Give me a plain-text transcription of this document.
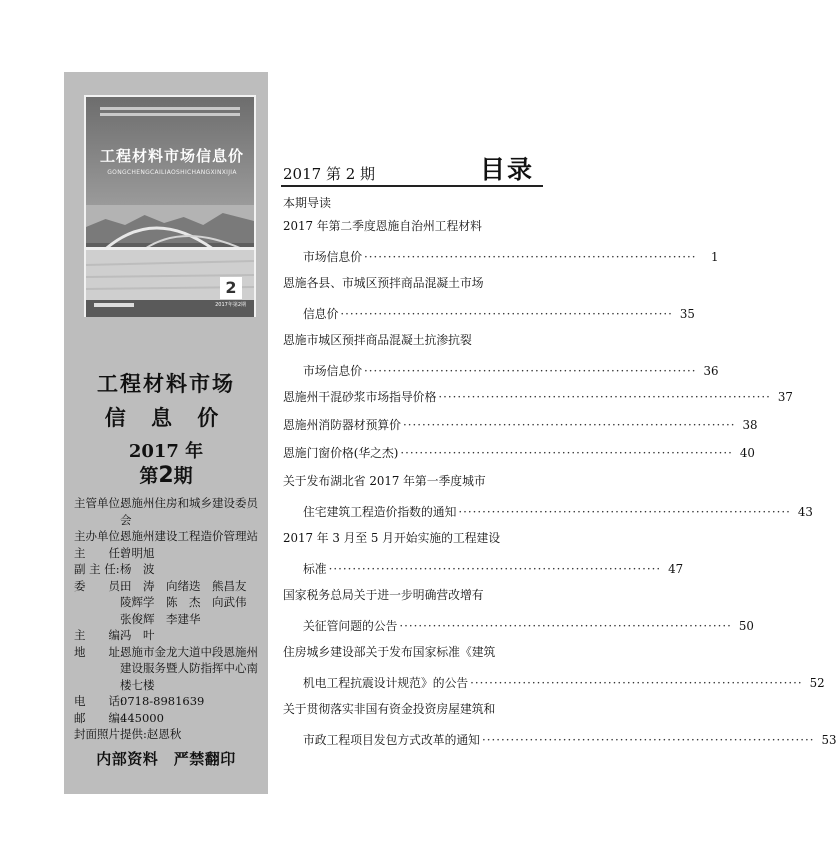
工程材料市场信息价
GONGCHENGCAILIAOSHICHANGXINXIJIA
2
2017年第2期
工程材料市场
信 息 价
2017 年
第2期
主管单位:
恩施州住房和城乡建设委员会
主办单位:
恩施州建设工程造价管理站
主　　任:
曾明旭
副 主 任: 杨　波
委　　员:
田　涛　向绪迭　熊昌友
陵辉学　陈　杰　向武伟
张俊辉　李建华
主　　编:
冯　叶
地　　址:
恩施市金龙大道中段恩施州
建设服务暨人防指挥中心南
楼七楼
电　　话:
0718-8981639
邮　　编:
445000
封面照片提供: 赵恩秋
内部资料　严禁翻印
2017 第 2 期	目录
本期导读
2017 年第二季度恩施自治州工程材料
市场信息价 ······································································	1
恩施各县、市城区预拌商品混凝土市场
信息价 ······································································ 35
恩施市城区预拌商品混凝土抗渗抗裂
市场信息价 ······································································ 36
恩施州干混砂浆市场指导价格 ······································································ 37
恩施州消防器材预算价 ······································································ 38
恩施门窗价格(华之杰) ······································································ 40
关于发布湖北省 2017 年第一季度城市
住宅建筑工程造价指数的通知 ······································································ 43
2017 年 3 月至 5 月开始实施的工程建设
标准 ······································································ 47
国家税务总局关于进一步明确营改增有
关征管问题的公告 ······································································ 50
住房城乡建设部关于发布国家标准《建筑
机电工程抗震设计规范》的公告 ······································································ 52
关于贯彻落实非国有资金投资房屋建筑和
市政工程项目发包方式改革的通知 ······································································ 53
